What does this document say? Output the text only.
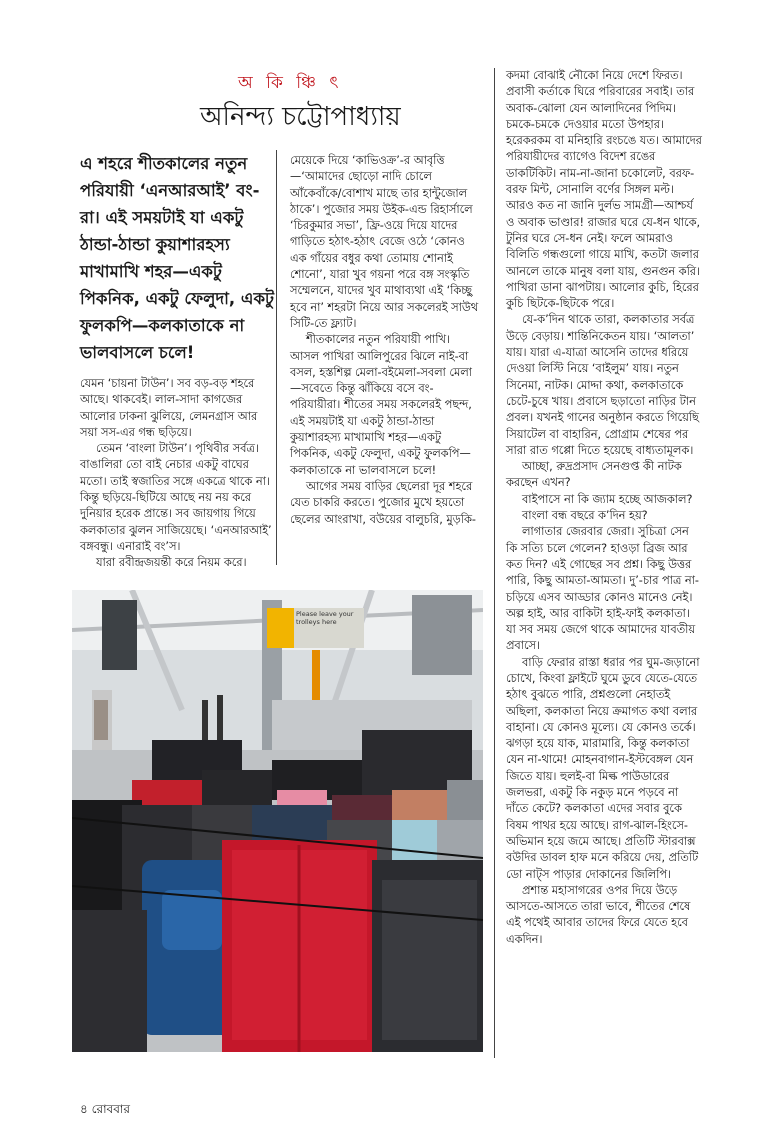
অ কি ঞ্চি ৎ
অনিন্দ্য চট্টোপাধ্যায়
এ শহরে শীতকালের নতুন পরিযায়ী ‘এনআরআই’ বং-রা। এই সময়টাই যা একটু ঠান্ডা-ঠান্ডা কুয়াশারহস্য মাখামাখি শহর—একটু পিকনিক, একটু ফেলুদা, একটু ফুলকপি—কলকাতাকে না ভালবাসলে চলে!

যেমন ‘চায়না টাউন’। সব বড়-বড় শহরে আছে। থাকবেই। লাল-সাদা কাগজের আলোর ঢাকনা ঝুলিয়ে, লেমনগ্রাস আর সয়া সস-এর গন্ধ ছড়িয়ে।

তেমন ‘বাংলা টাউন’। পৃথিবীর সর্বত্র। বাঙালিরা তো বাই নেচার একটু বাঘের মতো। তাই স্বজাতির সঙ্গে একত্রে থাকে না। কিন্তু ছড়িয়ে-ছিটিয়ে আছে নয় নয় করে দুনিয়ার হরেক প্রান্তে। সব জায়গায় গিয়ে কলকাতার ঝুলন সাজিয়েছে। ‘এনআরআই’ বঙ্গবন্ধু। এনারাই বং’স।

যারা রবীন্দ্রজয়ন্তী করে নিয়ম করে।

মেয়েকে দিয়ে ‘কাভিওক্র’-র আবৃত্তি—‘আমাদের ছোড়ো নাদি চোলে আঁকেবাঁকে/বোশাখ মাছে তার হান্টুজোল ঠাকে’। পুজোর সময় উইক-এন্ড রিহার্সালে ‘চিরকুমার সভা’, ফ্রি-ওয়ে দিয়ে যাদের গাড়িতে হঠাৎ-হঠাৎ বেজে ওঠে ‘কোনও এক গাঁয়ের বধুর কথা তোমায় শোনাই শোনো’, যারা খুব গয়না পরে বঙ্গ সংস্কৃতি সম্মেলনে, যাদের খুব মাথাব্যথা এই ‘কিচ্ছু হবে না’ শহরটা নিয়ে আর সকলেরই সাউথ সিটি-তে ফ্ল্যাট।

শীতকালের নতুন পরিযায়ী পাখি। আসল পাখিরা আলিপুরের ঝিলে নাই-বা বসল, হস্তশিল্প মেলা-বইমেলা-সবলা মেলা—সবেতে কিন্তু ঝাঁকিয়ে বসে বং-পরিযায়ীরা। শীতের সময় সকলেরই পছন্দ, এই সময়টাই যা একটু ঠান্ডা-ঠান্ডা কুয়াশারহস্য মাখামাখি শহর—একটু পিকনিক, একটু ফেলুদা, একটু ফুলকপি—কলকাতাকে না ভালবাসলে চলে!

আগের সময় বাড়ির ছেলেরা দূর শহরে যেত চাকরি করতে। পুজোর মুখে হয়তো ছেলের আংরাখা, বউয়ের বালুচরি, মুড়কি-

কদমা বোঝাই নৌকো নিয়ে দেশে ফিরত। প্রবাসী কর্তাকে ঘিরে পরিবারের সবাই। তার অবাক-ঝোলা যেন আলাদিনের পিদিম। চমকে-চমকে দেওয়ার মতো উপহার। হরেকরকম বা মনিহারি রংচঙে যত। আমাদের পরিযায়ীদের ব্যাগেও বিদেশ রঙের ডাকটিকিট। নাম-না-জানা চকোলেট, বরফ-বরফ মিন্ট, সোনালি বর্ণের সিঙ্গল মল্ট। আরও কত না জানি দুর্লভ সামগ্রী—আশ্চর্য ও অবাক ভাণ্ডার! রাজার ঘরে যে-ধন থাকে, টুনির ঘরে সে-ধন নেই। ফলে আমরাও বিলিতি গন্ধগুলো গায়ে মাখি, কতটা জলার আনলে তাকে মানুষ বলা যায়, গুনগুন করি। পাখিরা ডানা ঝাপটায়। আলোর কুচি, হিরের কুচি ছিটকে-ছিটকে পরে।

যে-ক’দিন থাকে তারা, কলকাতার সর্বত্র উড়ে বেড়ায়। শান্তিনিকেতন যায়। ‘আলতা’ যায়। যারা এ-যাত্রা আসেনি তাদের ধরিয়ে দেওয়া লিস্টি নিয়ে ‘বাইলুম’ যায়। নতুন সিনেমা, নাটক। মোদ্দা কথা, কলকাতাকে চেটে-চুষে খায়। প্রবাসে ছড়াতো নাড়ির টান প্রবল। যখনই গানের অনুষ্ঠান করতে গিয়েছি সিয়াটেল বা বাহারিন, প্রোগ্রাম শেষের পর সারা রাত গপ্পো দিতে হয়েছে বাধ্যতামূলক।

আচ্ছা, রুদ্রপ্রসাদ সেনগুপ্ত কী নাটক করছেন এখন?

বাইপাসে না কি জ্যাম হচ্ছে আজকাল?

বাংলা বন্ধ বছরে ক’দিন হয়?

লাগাতার জেরবার জেরা। সুচিত্রা সেন কি সত্যি চলে গেলেন? হাওড়া ব্রিজ আর কত দিন? এই গোছের সব প্রশ্ন। কিছু উত্তর পারি, কিছু আমতা-আমতা। দু’-চার পাত্র না-চড়িয়ে এসব আড্ডার কোনও মানেও নেই। অল্প হাই, আর বাকিটা হাই-ফাই কলকাতা। যা সব সময় জেগে থাকে আমাদের যাবতীয় প্রবাসে।

বাড়ি ফেরার রাস্তা ধরার পর ঘুম-জড়ানো চোখে, কিংবা ফ্লাইটে ঘুমে ডুবে যেতে-যেতে হঠাৎ বুঝতে পারি, প্রশ্নগুলো নেহাতই অছিলা, কলকাতা নিয়ে ক্রমাগত কথা বলার বাহানা। যে কোনও মূল্যে। যে কোনও তর্কে। ঝগড়া হয়ে যাক, মারামারি, কিন্তু কলকাতা যেন না-থামে! মোহনবাগান-ইস্টবেঙ্গল যেন জিতে যায়। হুলই-বা মিল্ক পাউডারের জলভরা, একটু কি নকুড় মনে পড়বে না দাঁতে কেটে? কলকাতা এদের সবার বুকে বিষম পাথর হয়ে আছে। রাগ-ঝাল-হিংসে-অভিমান হয়ে জমে আছে। প্রতিটি স্টারবাক্স বউদির ডাবল হাফ মনে করিয়ে দেয়, প্রতিটি ডো নাট্স পাড়ার দোকানের জিলিপি।

প্রশান্ত মহাসাগরের ওপর দিয়ে উড়ে আসতে-আসতে তারা ভাবে, শীতের শেষে এই পথেই আবার তাদের ফিরে যেতে হবে একদিন।

Please leave your trolleys here
৪ রোববার
